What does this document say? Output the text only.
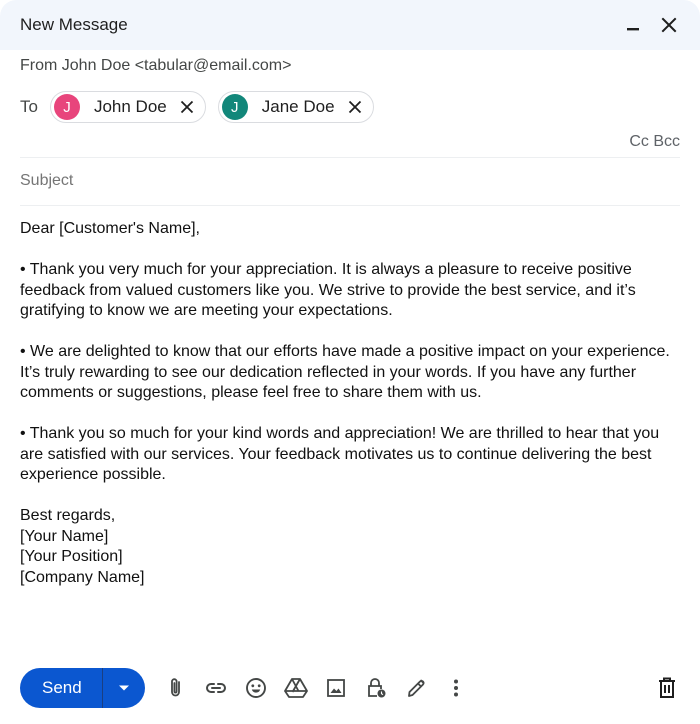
New Message
From John Doe <tabular@email.com>
To	J	John Doe	J	Jane Doe
Cc Bcc
Subject

Dear [Customer's Name],

• Thank you very much for your appreciation. It is always a pleasure to receive positive feedback from valued customers like you. We strive to provide the best service, and it’s gratifying to know we are meeting your expectations.

• We are delighted to know that our efforts have made a positive impact on your experience. It’s truly rewarding to see our dedication reflected in your words. If you have any further comments or suggestions, please feel free to share them with us.

• Thank you so much for your kind words and appreciation! We are thrilled to hear that you are satisfied with our services. Your feedback motivates us to continue delivering the best experience possible.

Best regards,
[Your Name]
[Your Position]
[Company Name]
Send
